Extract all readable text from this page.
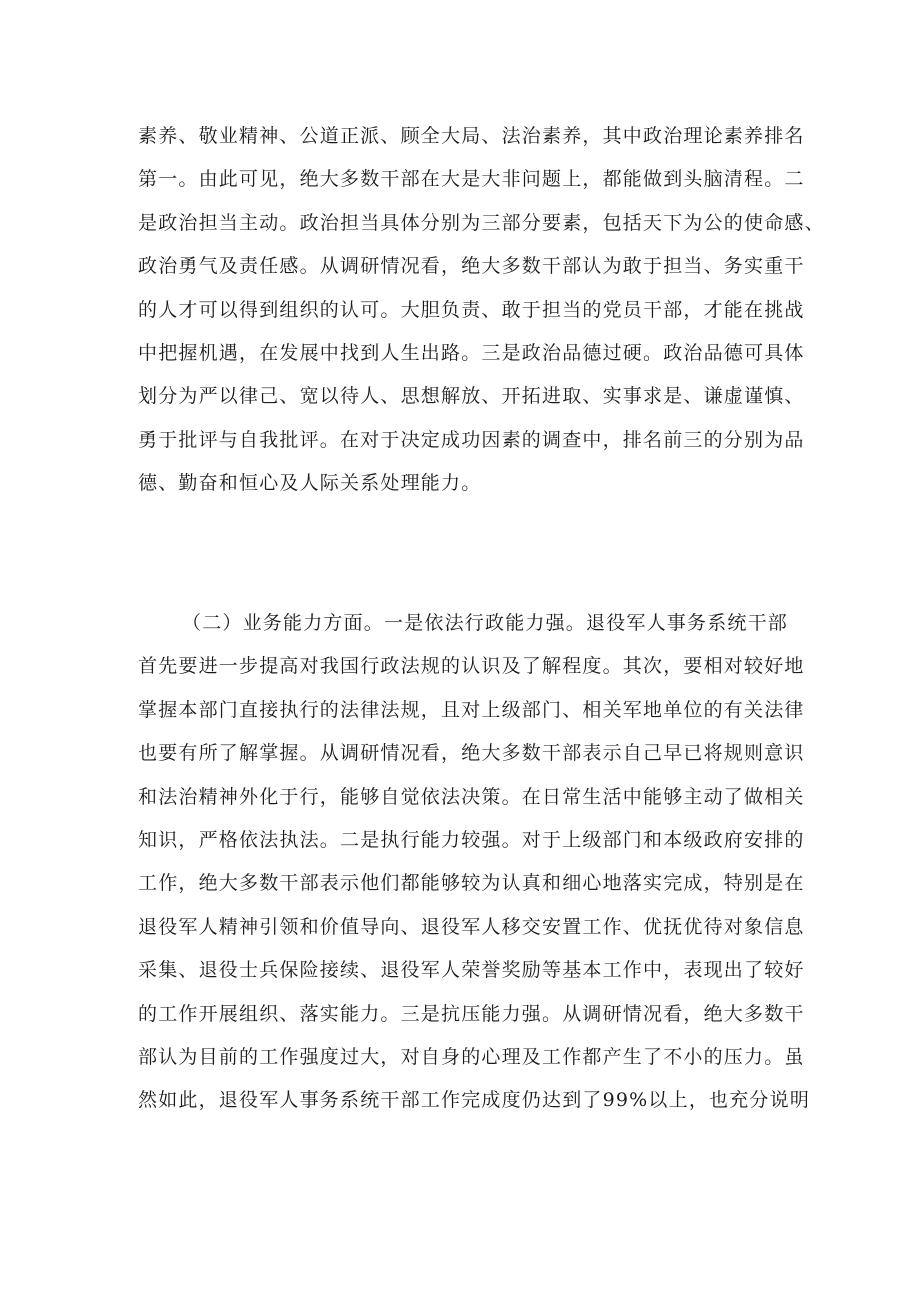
素养、敬业精神、公道正派、顾全大局、法治素养，其中政治理论素养排名
第一。由此可见，绝大多数干部在大是大非问题上，都能做到头脑清程。二
是政治担当主动。政治担当具体分别为三部分要素，包括天下为公的使命感、
政治勇气及责任感。从调研情况看，绝大多数干部认为敢于担当、务实重干
的人才可以得到组织的认可。大胆负责、敢于担当的党员干部，才能在挑战
中把握机遇，在发展中找到人生出路。三是政治品德过硬。政治品德可具体
划分为严以律己、宽以待人、思想解放、开拓进取、实事求是、谦虚谨慎、
勇于批评与自我批评。在对于决定成功因素的调查中，排名前三的分别为品
德、勤奋和恒心及人际关系处理能力。
（二）业务能力方面。一是依法行政能力强。退役军人事务系统干部
首先要进一步提高对我国行政法规的认识及了解程度。其次，要相对较好地
掌握本部门直接执行的法律法规，且对上级部门、相关军地单位的有关法律
也要有所了解掌握。从调研情况看，绝大多数干部表示自己早已将规则意识
和法治精神外化于行，能够自觉依法决策。在日常生活中能够主动了做相关
知识，严格依法执法。二是执行能力较强。对于上级部门和本级政府安排的
工作，绝大多数干部表示他们都能够较为认真和细心地落实完成，特别是在
退役军人精神引领和价值导向、退役军人移交安置工作、优抚优待对象信息
采集、退役士兵保险接续、退役军人荣誉奖励等基本工作中，表现出了较好
的工作开展组织、落实能力。三是抗压能力强。从调研情况看，绝大多数干
部认为目前的工作强度过大，对自身的心理及工作都产生了不小的压力。虽
然如此，退役军人事务系统干部工作完成度仍达到了99%以上，也充分说明
